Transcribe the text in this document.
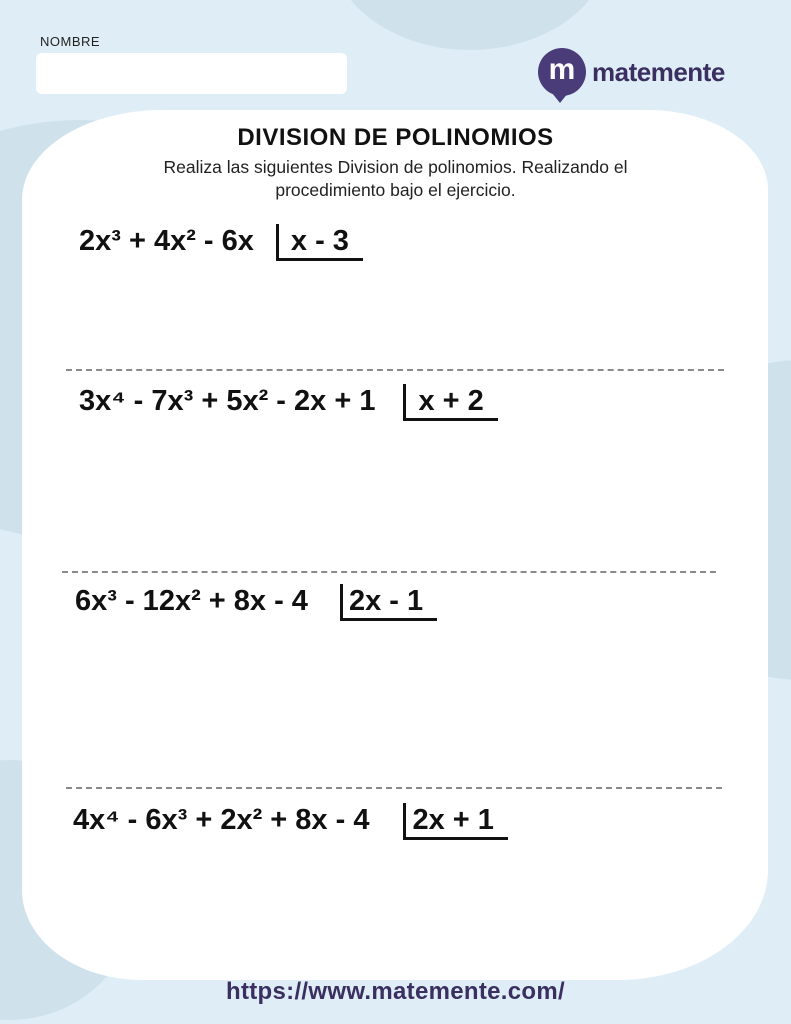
NOMBRE
m matemente
DIVISION DE POLINOMIOS
Realiza las siguientes Division de polinomios. Realizando el procedimiento bajo el ejercicio.
2x³ + 4x² - 6x	x - 3
3x⁴ - 7x³ + 5x² - 2x + 1	x + 2
6x³ - 12x² + 8x - 4	2x - 1
4x⁴ - 6x³ + 2x² + 8x - 4	2x + 1
https://www.matemente.com/
